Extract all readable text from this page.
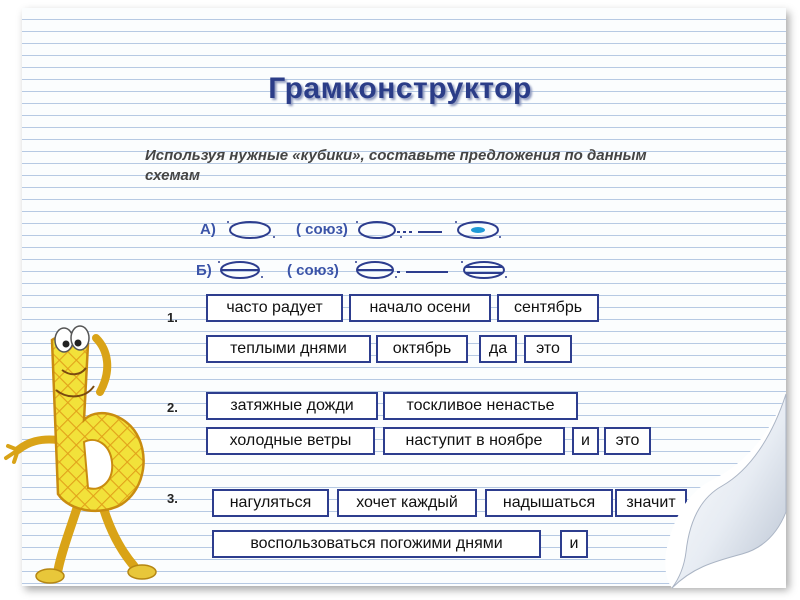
Грамконструктор
Используя нужные «кубики», составьте предложения по данным схемам
А)	( союз)
Б)	( союз)
1.
2.
3.
часто радует	начало осени	сентябрь
теплыми днями	октябрь	да	это
затяжные дожди	тоскливое ненастье
холодные ветры	наступит в ноябре	и	это
нагуляться	хочет каждый	надышаться	значит
воспользоваться погожими днями	и
